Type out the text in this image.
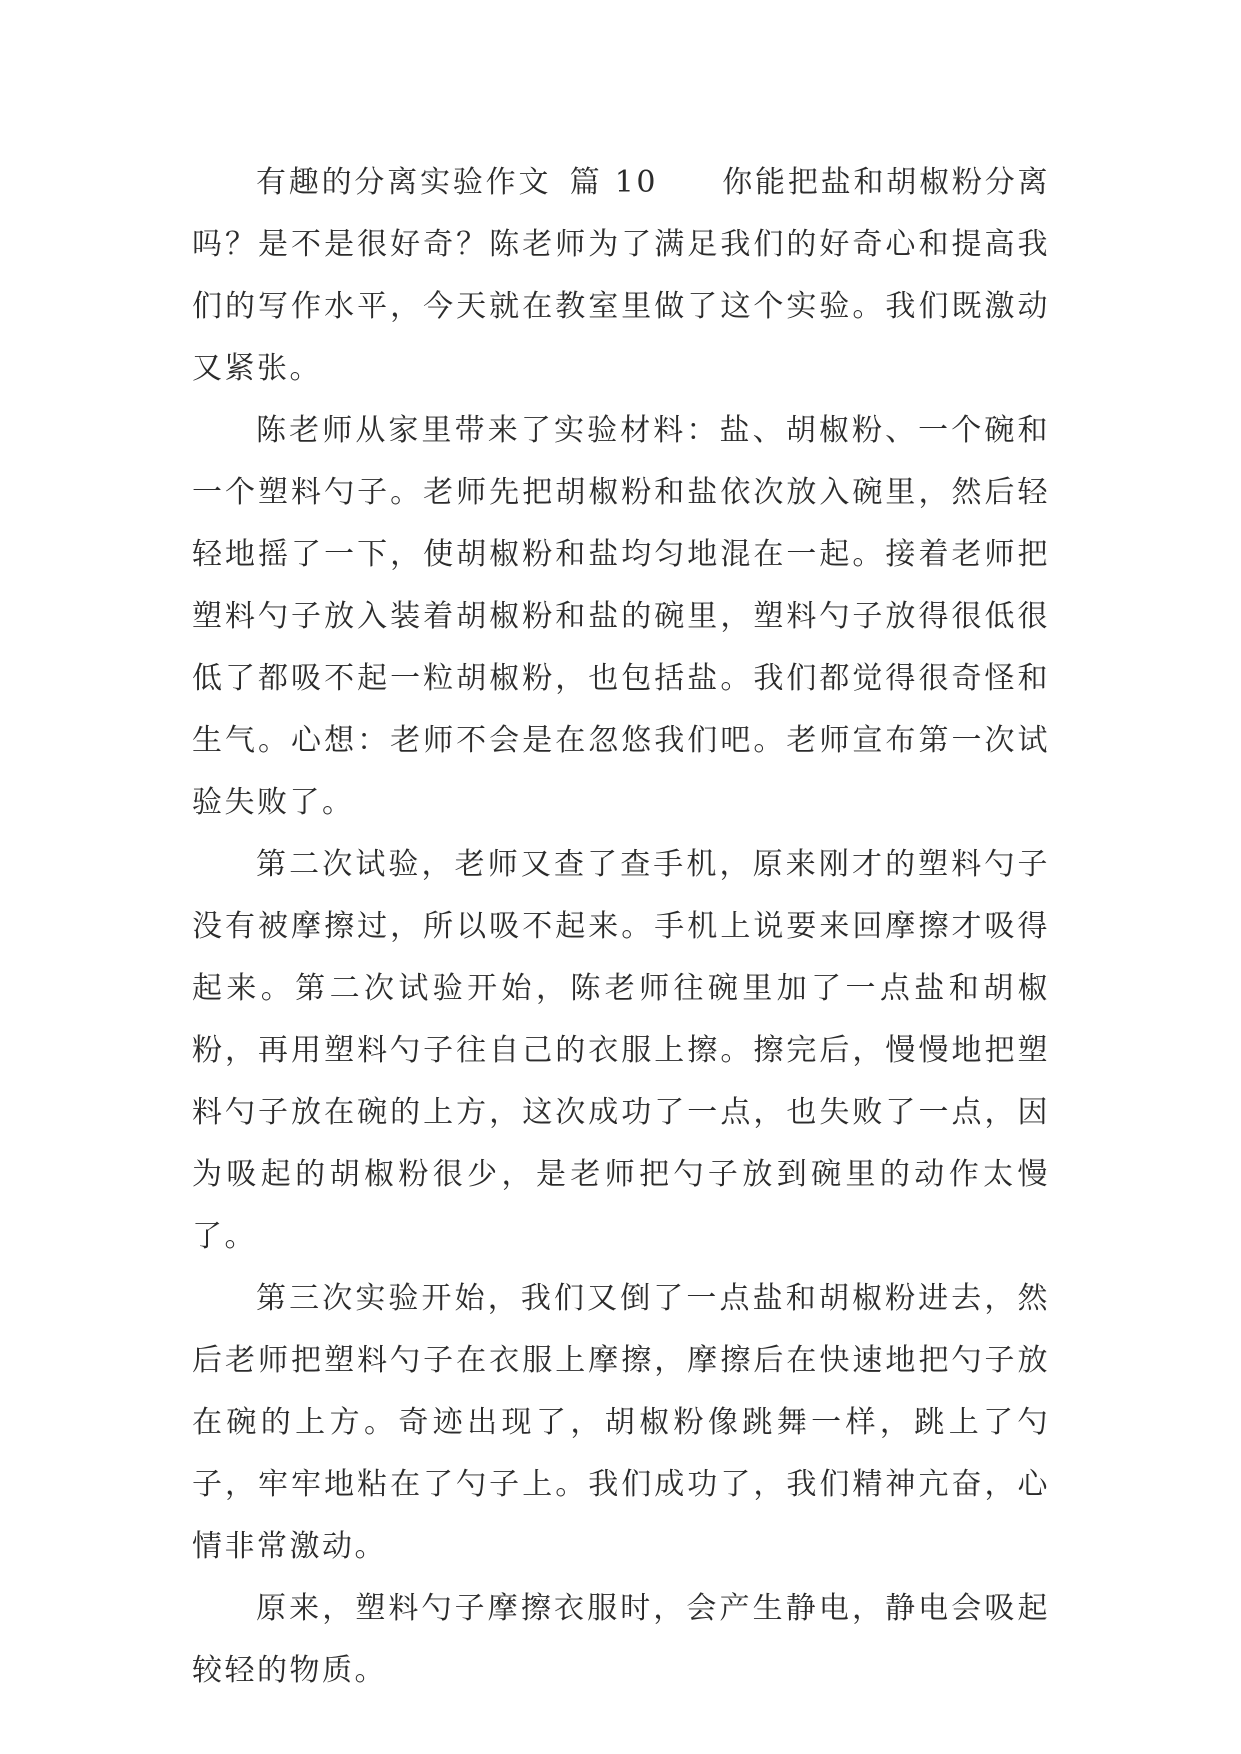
有趣的分离实验作文 篇 10 你能把盐和胡椒粉分离吗？是不是很好奇？陈老师为了满足我们的好奇心和提高我们的写作水平，今天就在教室里做了这个实验。我们既激动又紧张。

陈老师从家里带来了实验材料：盐、胡椒粉、一个碗和一个塑料勺子。老师先把胡椒粉和盐依次放入碗里，然后轻轻地摇了一下，使胡椒粉和盐均匀地混在一起。接着老师把塑料勺子放入装着胡椒粉和盐的碗里，塑料勺子放得很低很低了都吸不起一粒胡椒粉，也包括盐。我们都觉得很奇怪和生气。心想：老师不会是在忽悠我们吧。老师宣布第一次试验失败了。

第二次试验，老师又查了查手机，原来刚才的塑料勺子没有被摩擦过，所以吸不起来。手机上说要来回摩擦才吸得起来。第二次试验开始，陈老师往碗里加了一点盐和胡椒粉，再用塑料勺子往自己的衣服上擦。擦完后，慢慢地把塑料勺子放在碗的上方，这次成功了一点，也失败了一点，因为吸起的胡椒粉很少，是老师把勺子放到碗里的动作太慢了。

第三次实验开始，我们又倒了一点盐和胡椒粉进去，然后老师把塑料勺子在衣服上摩擦，摩擦后在快速地把勺子放在碗的上方。奇迹出现了，胡椒粉像跳舞一样，跳上了勺子，牢牢地粘在了勺子上。我们成功了，我们精神亢奋，心情非常激动。

原来，塑料勺子摩擦衣服时，会产生静电，静电会吸起较轻的物质。
